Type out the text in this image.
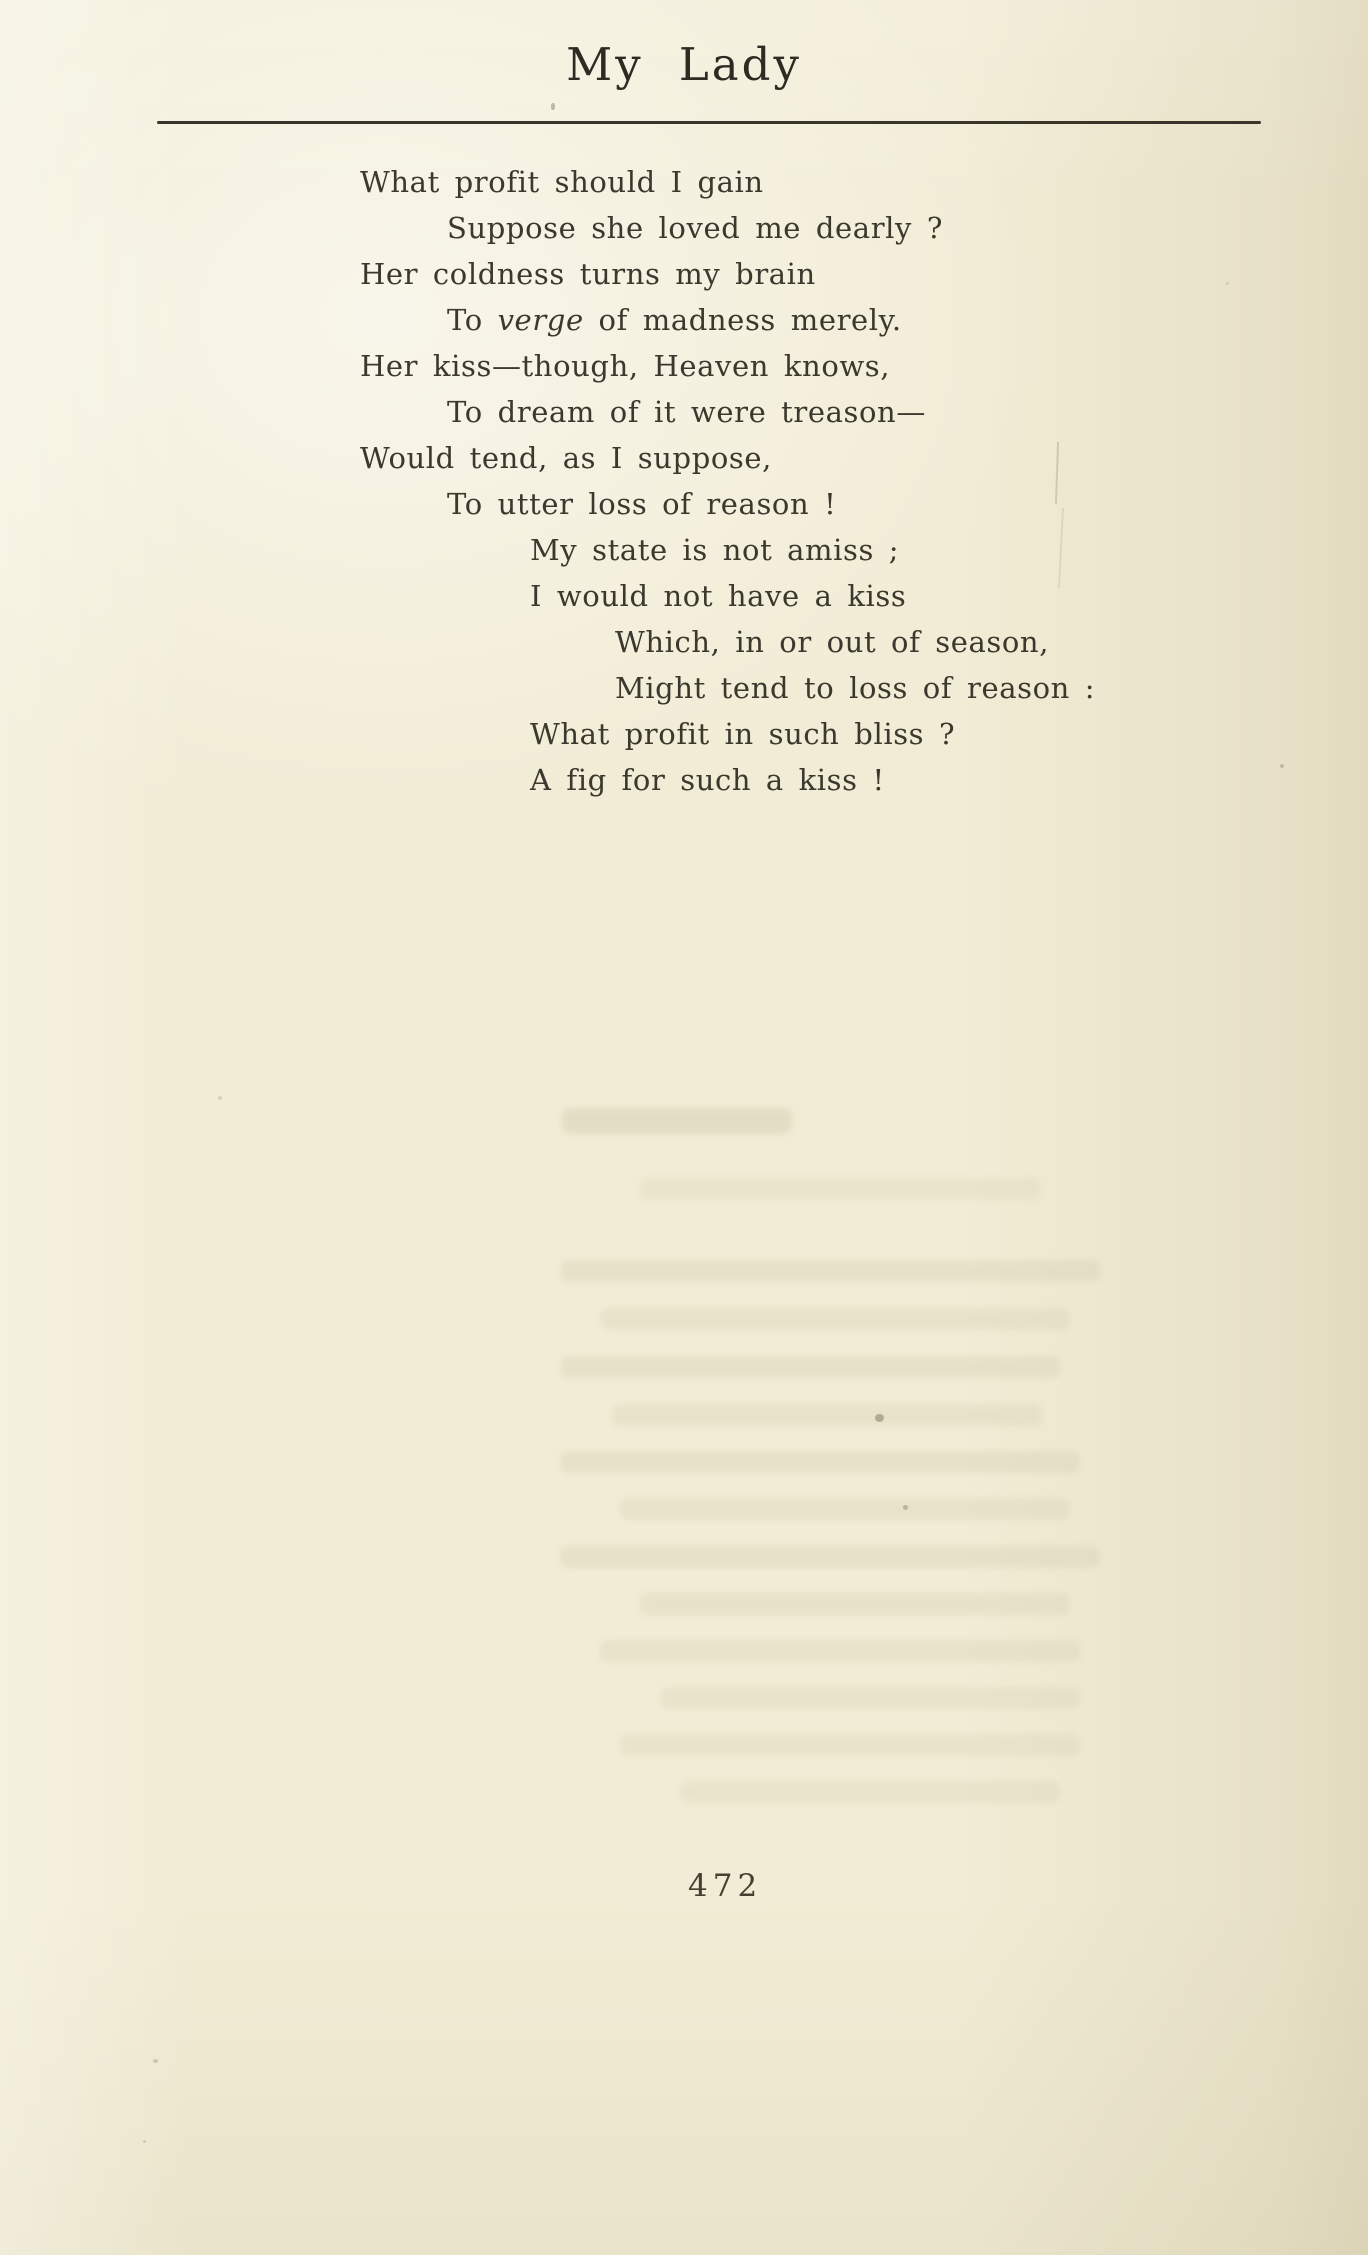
My Lady
What profit should I gain
Suppose she loved me dearly ?
Her coldness turns my brain
To verge of madness merely.
Her kiss—though, Heaven knows,
To dream of it were treason—
Would tend, as I suppose,
To utter loss of reason !
My state is not amiss ;
I would not have a kiss
Which, in or out of season,
Might tend to loss of reason :
What profit in such bliss ?
A fig for such a kiss !
472
